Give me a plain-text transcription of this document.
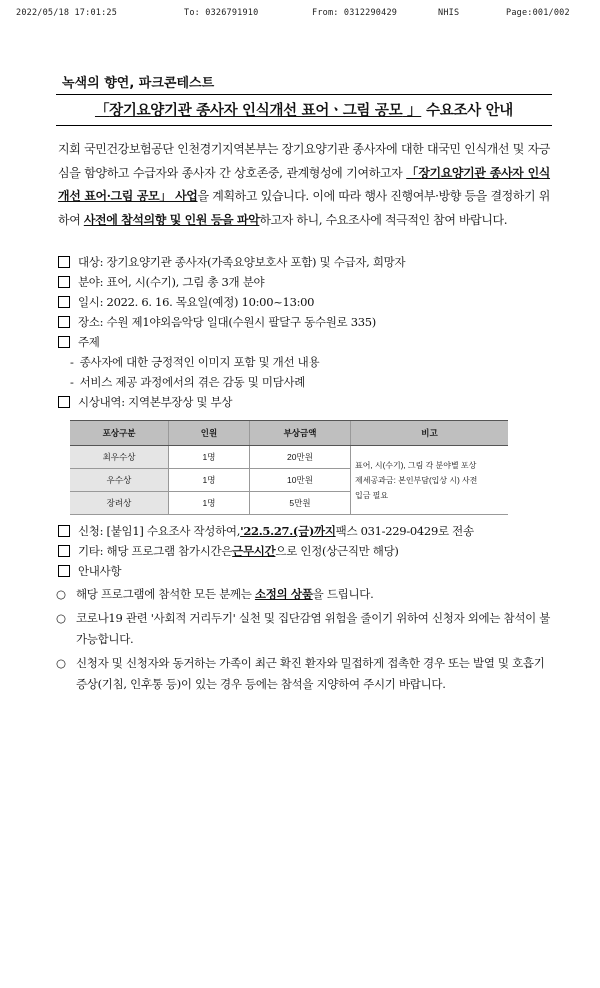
2022/05/18 17:01:25	To: 0326791910	From: 0312290429	NHIS	Page:001/002
녹색의 향연, 파크콘테스트
「장기요양기관 종사자 인식개선 표어ㆍ그림 공모 」 수요조사 안내
지회 국민건강보험공단 인천경기지역본부는 장기요양기관 종사자에 대한 대국민 인식개선 및 자긍심을 함양하고 수급자와 종사자 간 상호존중, 관계형성에 기여하고자 「장기요양기관 종사자 인식개선 표어·그림 공모」 사업을 계획하고 있습니다. 이에 따라 행사 진행여부·방향 등을 결정하기 위하여 사전에 참석의향 및 인원 등을 파악하고자 하니, 수요조사에 적극적인 참여 바랍니다.
대상: 장기요양기관 종사자(가족요양보호사 포함) 및 수급자, 희망자
분야: 표어, 시(수기), 그림 총 3개 분야
일시: 2022. 6. 16. 목요일(예정) 10:00~13:00
장소: 수원 제1야외음악당 일대(수원시 팔달구 동수원로 335)
주제
- 종사자에 대한 긍정적인 이미지 포함 및 개선 내용
- 서비스 제공 과정에서의 겪은 감동 및 미담사례
시상내역: 지역본부장상 및 부상
포상구분	인원	부상금액	비고
최우수상	1명	20만원	표어, 시(수기), 그림 각 분야별 포상
제세공과금: 본인부담(입상 시) 사전
입금 필요

우수상	1명	10만원	
장려상	1명	5만원	
신청: [붙임1] 수요조사 작성하여, '22.5.27.(금)까지 팩스 031-229-0429로 전송
기타: 해당 프로그램 참가시간은 근무시간 으로 인정(상근직만 해당)
안내사항
○ 해당 프로그램에 참석한 모든 분께는 소정의 상품을 드립니다.
○ 코로나19 관련 '사회적 거리두기' 실천 및 집단감염 위험을 줄이기 위하여 신청자 외에는 참석이 불가능합니다.
○ 신청자 및 신청자와 동거하는 가족이 최근 확진 환자와 밀접하게 접촉한 경우 또는 발열 및 호흡기 증상(기침, 인후통 등)이 있는 경우 등에는 참석을 지양하여 주시기 바랍니다.
